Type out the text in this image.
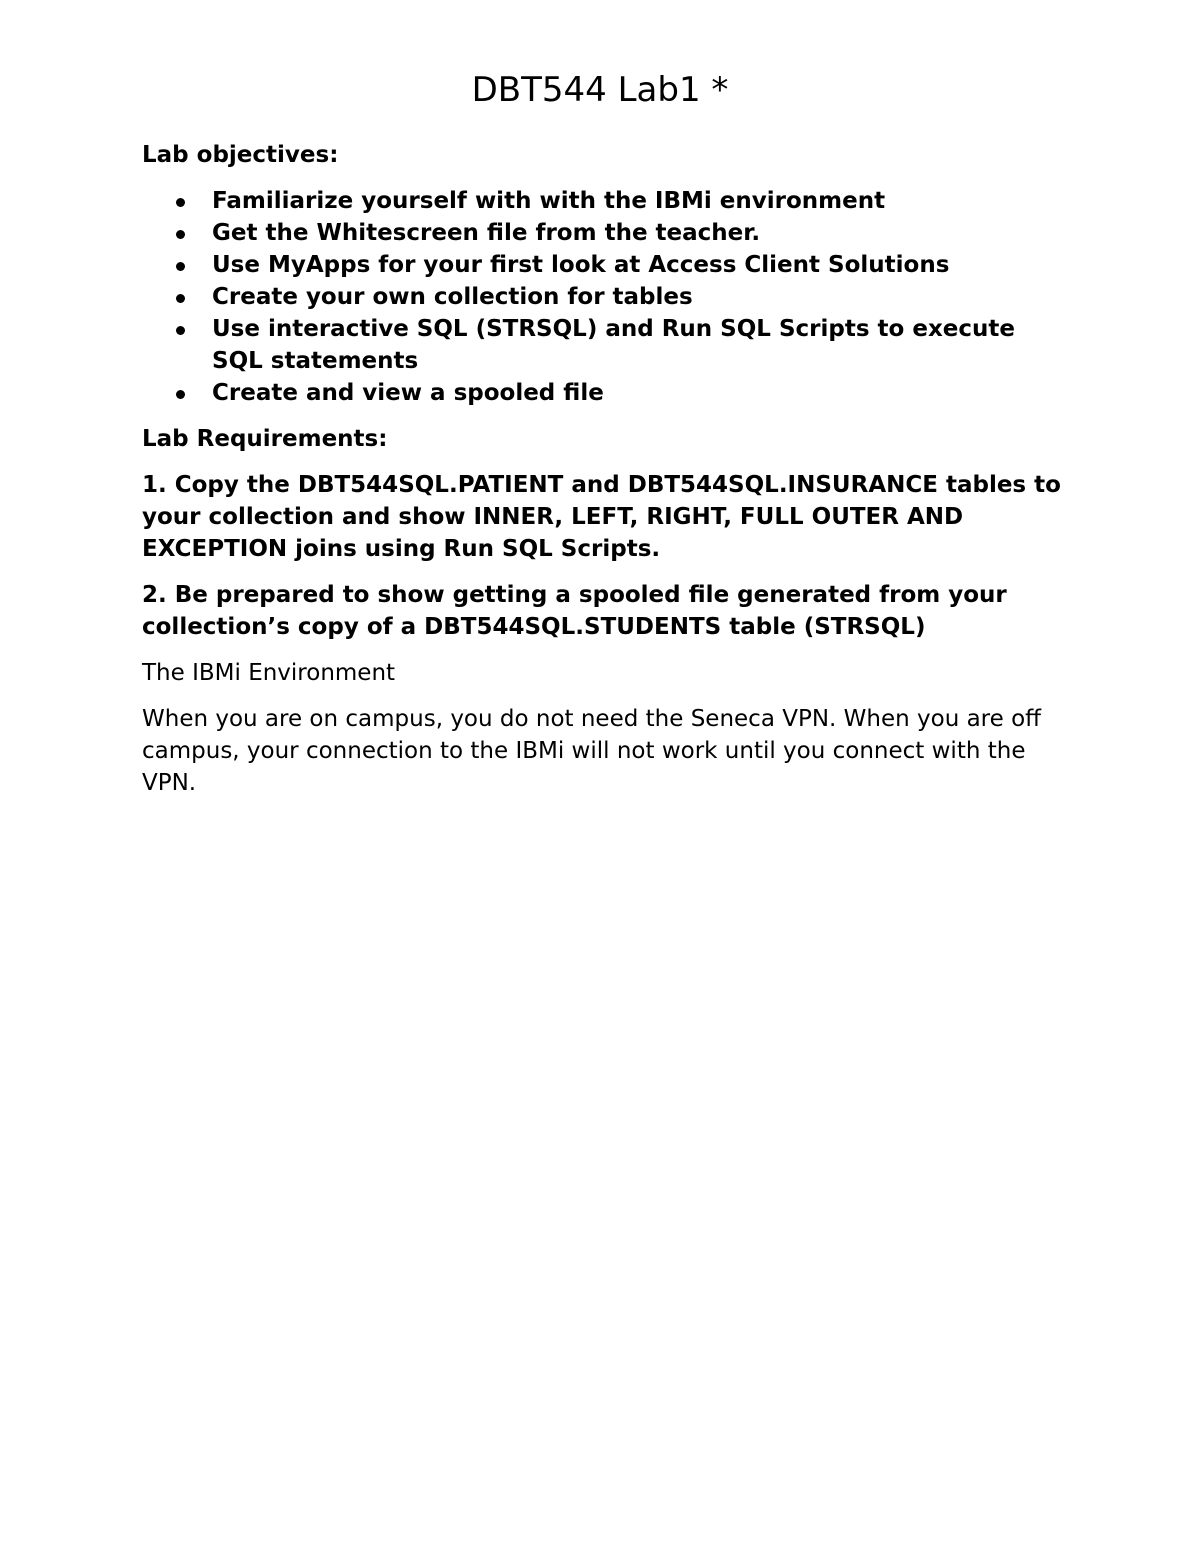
DBT544 Lab1 *

Lab objectives:

Familiarize yourself with with the IBMi environment
Get the Whitescreen file from the teacher.
Use MyApps for your first look at Access Client Solutions
Create your own collection for tables
Use interactive SQL (STRSQL) and Run SQL Scripts to execute SQL statements
Create and view a spooled file

Lab Requirements:

1. Copy the DBT544SQL.PATIENT and DBT544SQL.INSURANCE tables to your collection and show INNER, LEFT, RIGHT, FULL OUTER AND EXCEPTION joins using Run SQL Scripts.

2. Be prepared to show getting a spooled file generated from your collection’s copy of a DBT544SQL.STUDENTS table (STRSQL)

The IBMi Environment

When you are on campus, you do not need the Seneca VPN. When you are off campus, your connection to the IBMi will not work until you connect with the VPN.
